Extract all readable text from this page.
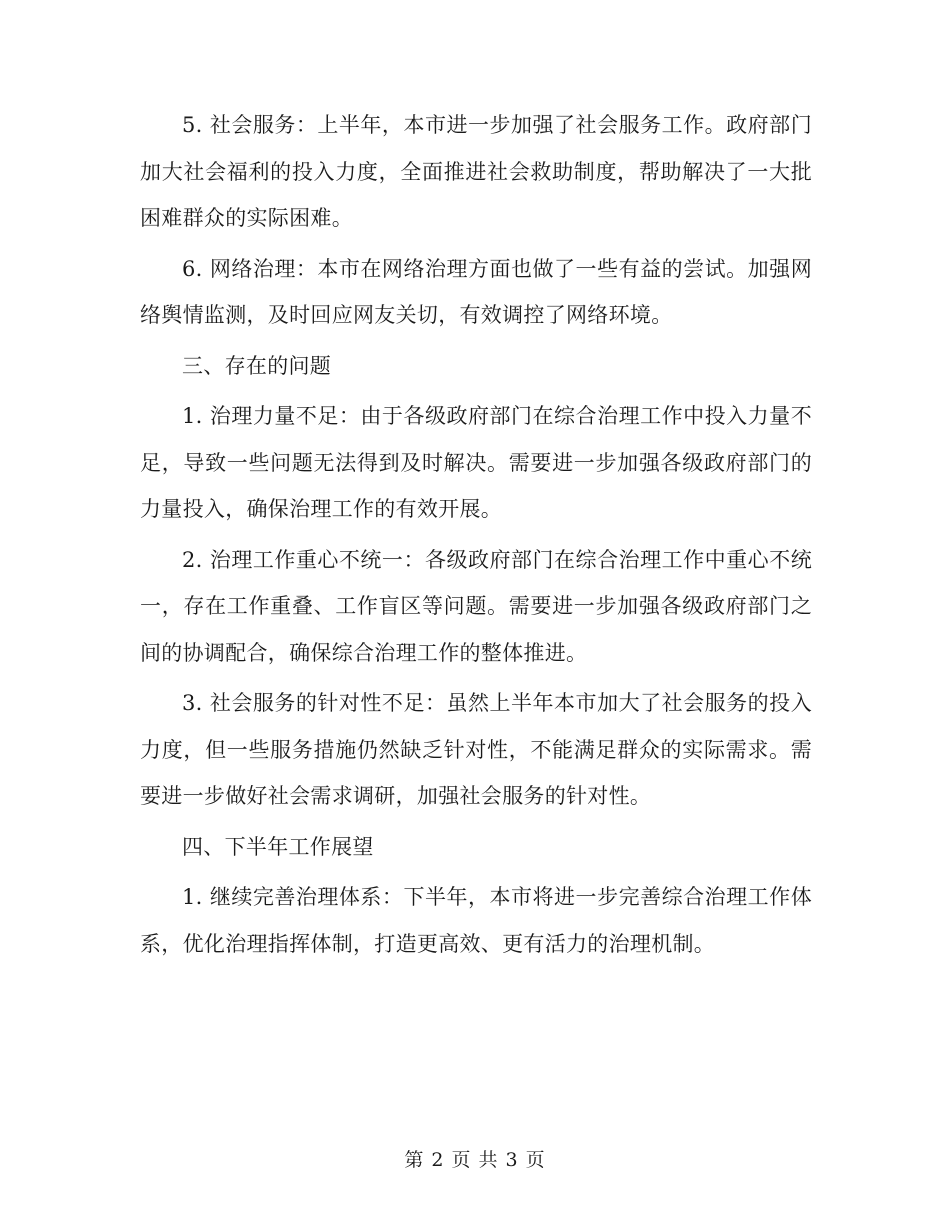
5. 社会服务：上半年，本市进一步加强了社会服务工作。政府部门加大社会福利的投入力度，全面推进社会救助制度，帮助解决了一大批困难群众的实际困难。

6. 网络治理：本市在网络治理方面也做了一些有益的尝试。加强网络舆情监测，及时回应网友关切，有效调控了网络环境。

三、存在的问题

1. 治理力量不足：由于各级政府部门在综合治理工作中投入力量不足，导致一些问题无法得到及时解决。需要进一步加强各级政府部门的力量投入，确保治理工作的有效开展。

2. 治理工作重心不统一：各级政府部门在综合治理工作中重心不统一，存在工作重叠、工作盲区等问题。需要进一步加强各级政府部门之间的协调配合，确保综合治理工作的整体推进。

3. 社会服务的针对性不足：虽然上半年本市加大了社会服务的投入力度，但一些服务措施仍然缺乏针对性，不能满足群众的实际需求。需要进一步做好社会需求调研，加强社会服务的针对性。

四、下半年工作展望

1. 继续完善治理体系：下半年，本市将进一步完善综合治理工作体系，优化治理指挥体制，打造更高效、更有活力的治理机制。

第 2 页 共 3 页
